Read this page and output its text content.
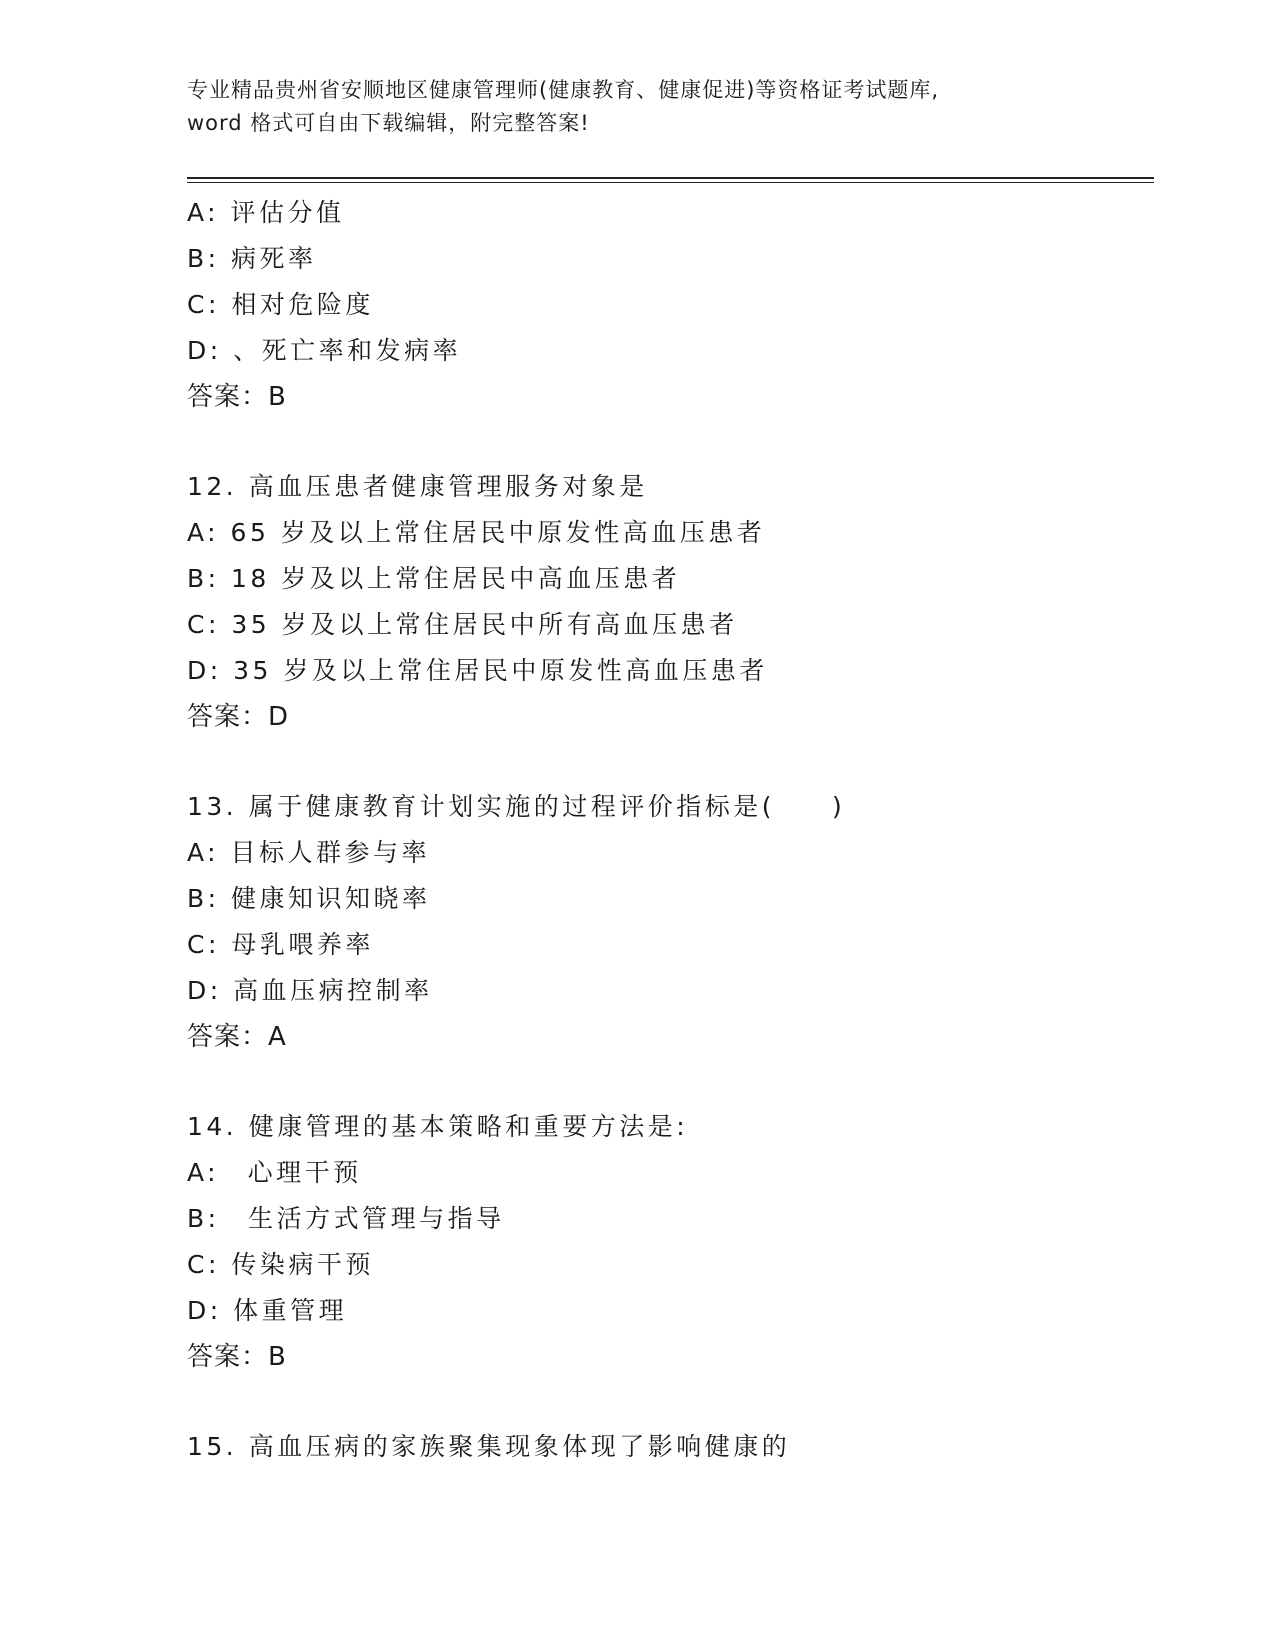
专业精品贵州省安顺地区健康管理师(健康教育、健康促进)等资格证考试题库,
word 格式可自由下载编辑，附完整答案!
A: 评估分值
B: 病死率
C: 相对危险度
D: 、死亡率和发病率
答案：B
12. 高血压患者健康管理服务对象是
A: 65 岁及以上常住居民中原发性高血压患者
B: 18 岁及以上常住居民中高血压患者
C: 35 岁及以上常住居民中所有高血压患者
D: 35 岁及以上常住居民中原发性高血压患者
答案：D
13. 属于健康教育计划实施的过程评价指标是(　　)
A: 目标人群参与率
B: 健康知识知晓率
C: 母乳喂养率
D: 高血压病控制率
答案：A
14. 健康管理的基本策略和重要方法是:
A:　心理干预
B:　生活方式管理与指导
C: 传染病干预
D: 体重管理
答案：B
15. 高血压病的家族聚集现象体现了影响健康的
